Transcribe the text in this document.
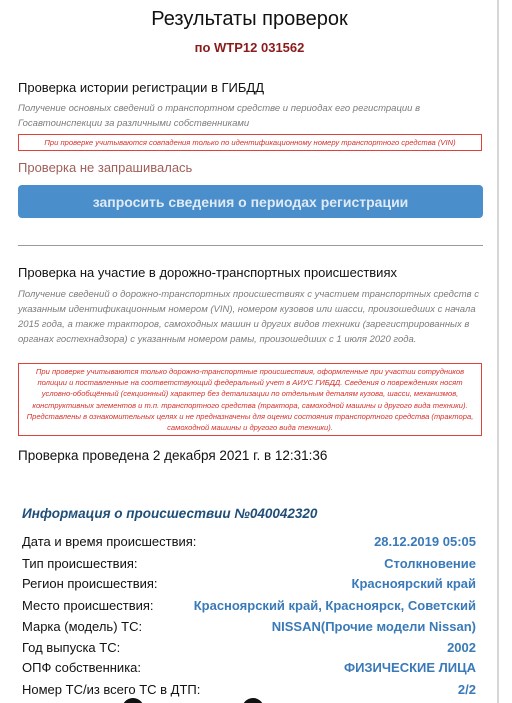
Результаты проверок
по WTP12 031562
Проверка истории регистрации в ГИБДД
Получение основных сведений о транспортном средстве и периодах его регистрации в Госавтоинспекции за различными собственниками
При проверке учитываются совпадения только по идентификационному номеру транспортного средства (VIN)
Проверка не запрашивалась
запросить сведения о периодах регистрации
Проверка на участие в дорожно-транспортных происшествиях
Получение сведений о дорожно-транспортных происшествиях с участием транспортных средств с указанным идентификационным номером (VIN), номером кузовов или шасси, произошедших с начала 2015 года, а также тракторов, самоходных машин и других видов техники (зарегистрированных в органах гостехнадзора) с указанным номером рамы, произошедших с 1 июля 2020 года.
При проверке учитываются только дорожно-транспортные происшествия, оформленные при участии сотрудников полиции и поставленные на соответствующий федеральный учет в АИУС ГИБДД. Сведения о повреждениях носят условно-обобщённый (секционный) характер без детализации по отдельным деталям кузова, шасси, механизмов, конструктивных элементов и т.п. транспортного средства (трактора, самоходной машины и другого вида техники). Представлены в ознакомительных целях и не предназначены для оценки состояния транспортного средства (трактора, самоходной машины и другого вида техники).
Проверка проведена 2 декабря 2021 г. в 12:31:36
Информация о происшествии №040042320
Дата и время происшествия:	28.12.2019 05:05
Тип происшествия:	Столкновение
Регион происшествия:	Красноярский край
Место происшествия:	Красноярский край, Красноярск, Советский
Марка (модель) ТС:	NISSAN(Прочие модели Nissan)
Год выпуска ТС:	2002
ОПФ собственника:	ФИЗИЧЕСКИЕ ЛИЦА
Номер ТС/из всего ТС в ДТП:	2/2
